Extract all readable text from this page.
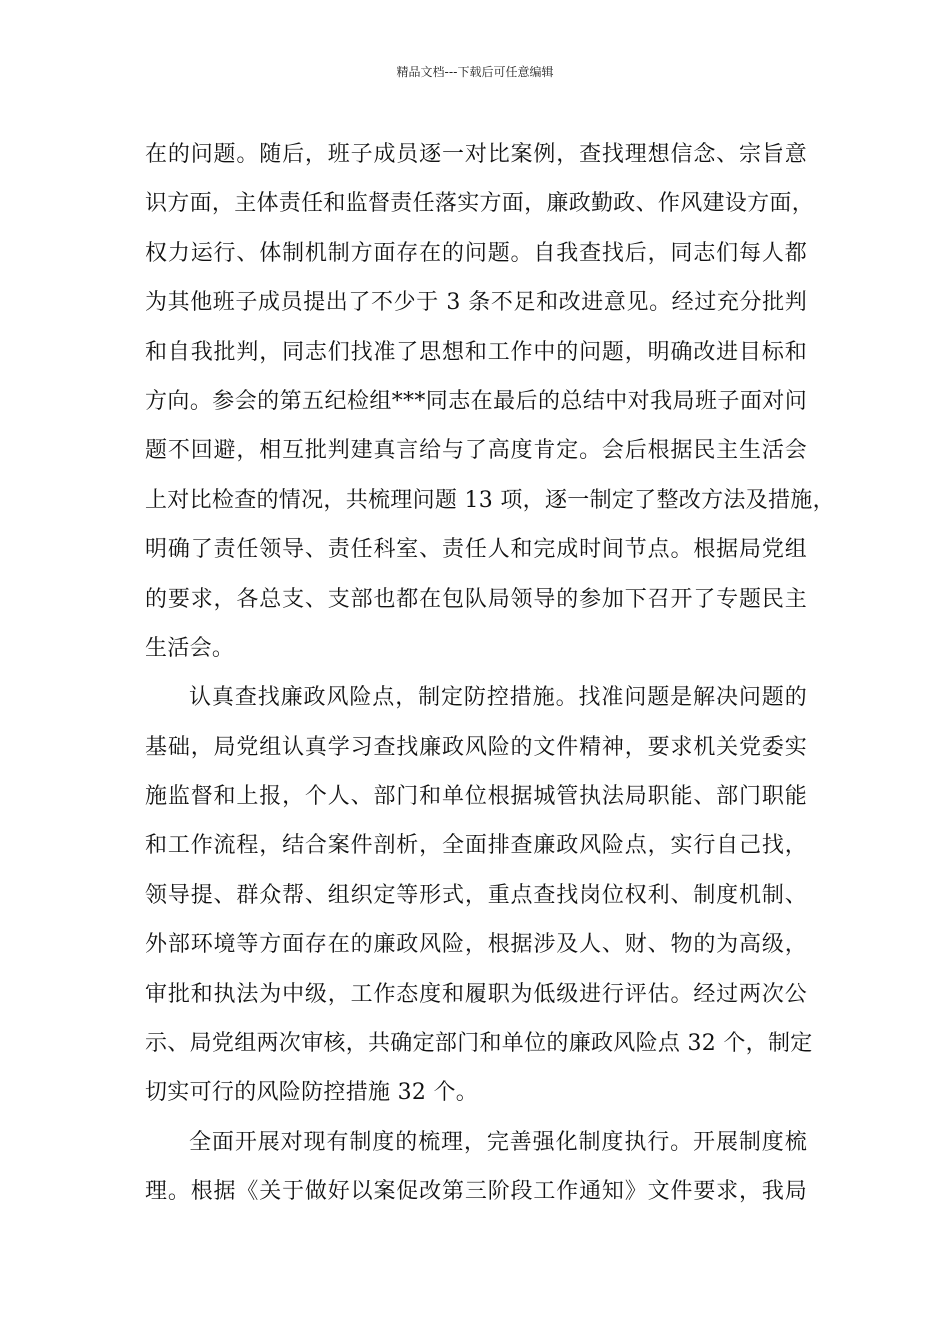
精品文档---下载后可任意编辑
在的问题。随后，班子成员逐一对比案例，查找理想信念、宗旨意
识方面，主体责任和监督责任落实方面，廉政勤政、作风建设方面，
权力运行、体制机制方面存在的问题。自我查找后，同志们每人都
为其他班子成员提出了不少于 3 条不足和改进意见。经过充分批判
和自我批判，同志们找准了思想和工作中的问题，明确改进目标和
方向。参会的第五纪检组***同志在最后的总结中对我局班子面对问
题不回避，相互批判建真言给与了高度肯定。会后根据民主生活会
上对比检查的情况，共梳理问题 13 项，逐一制定了整改方法及措施，
明确了责任领导、责任科室、责任人和完成时间节点。根据局党组
的要求，各总支、支部也都在包队局领导的参加下召开了专题民主
生活会。
认真查找廉政风险点，制定防控措施。找准问题是解决问题的
基础，局党组认真学习查找廉政风险的文件精神，要求机关党委实
施监督和上报，个人、部门和单位根据城管执法局职能、部门职能
和工作流程，结合案件剖析，全面排查廉政风险点，实行自己找，
领导提、群众帮、组织定等形式，重点查找岗位权利、制度机制、
外部环境等方面存在的廉政风险，根据涉及人、财、物的为高级，
审批和执法为中级，工作态度和履职为低级进行评估。经过两次公
示、局党组两次审核，共确定部门和单位的廉政风险点 32 个，制定
切实可行的风险防控措施 32 个。
全面开展对现有制度的梳理，完善强化制度执行。开展制度梳
理。根据《关于做好以案促改第三阶段工作通知》文件要求，我局
